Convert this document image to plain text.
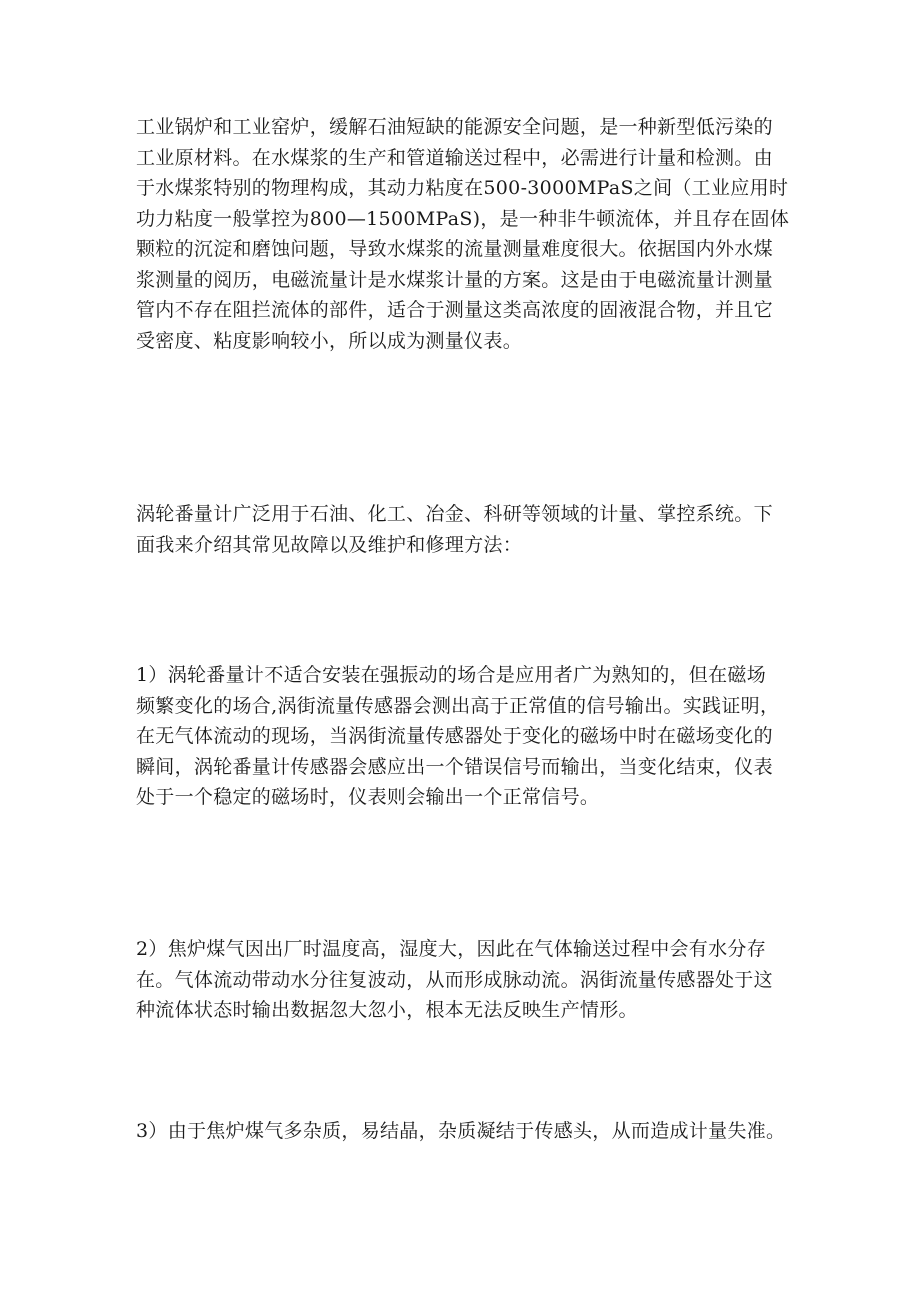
工业锅炉和工业窑炉，缓解石油短缺的能源安全问题，是一种新型低污染的
工业原材料。在水煤浆的生产和管道输送过程中，必需进行计量和检测。由
于水煤浆特别的物理构成，其动力粘度在500-3000MPaS之间（工业应用时
功力粘度一般掌控为800—1500MPaS)，是一种非牛顿流体，并且存在固体
颗粒的沉淀和磨蚀问题，导致水煤浆的流量测量难度很大。依据国内外水煤
浆测量的阅历，电磁流量计是水煤浆计量的方案。这是由于电磁流量计测量
管内不存在阻拦流体的部件，适合于测量这类高浓度的固液混合物，并且它
受密度、粘度影响较小，所以成为测量仪表。
涡轮番量计广泛用于石油、化工、冶金、科研等领域的计量、掌控系统。下
面我来介绍其常见故障以及维护和修理方法：
1）涡轮番量计不适合安装在强振动的场合是应用者广为熟知的，但在磁场
频繁变化的场合,涡街流量传感器会测出高于正常值的信号输出。实践证明，
在无气体流动的现场，当涡街流量传感器处于变化的磁场中时在磁场变化的
瞬间，涡轮番量计传感器会感应出一个错误信号而输出，当变化结束，仪表
处于一个稳定的磁场时，仪表则会输出一个正常信号。
2）焦炉煤气因出厂时温度高，湿度大，因此在气体输送过程中会有水分存
在。气体流动带动水分往复波动，从而形成脉动流。涡街流量传感器处于这
种流体状态时输出数据忽大忽小，根本无法反映生产情形。
3）由于焦炉煤气多杂质，易结晶，杂质凝结于传感头，从而造成计量失准。
